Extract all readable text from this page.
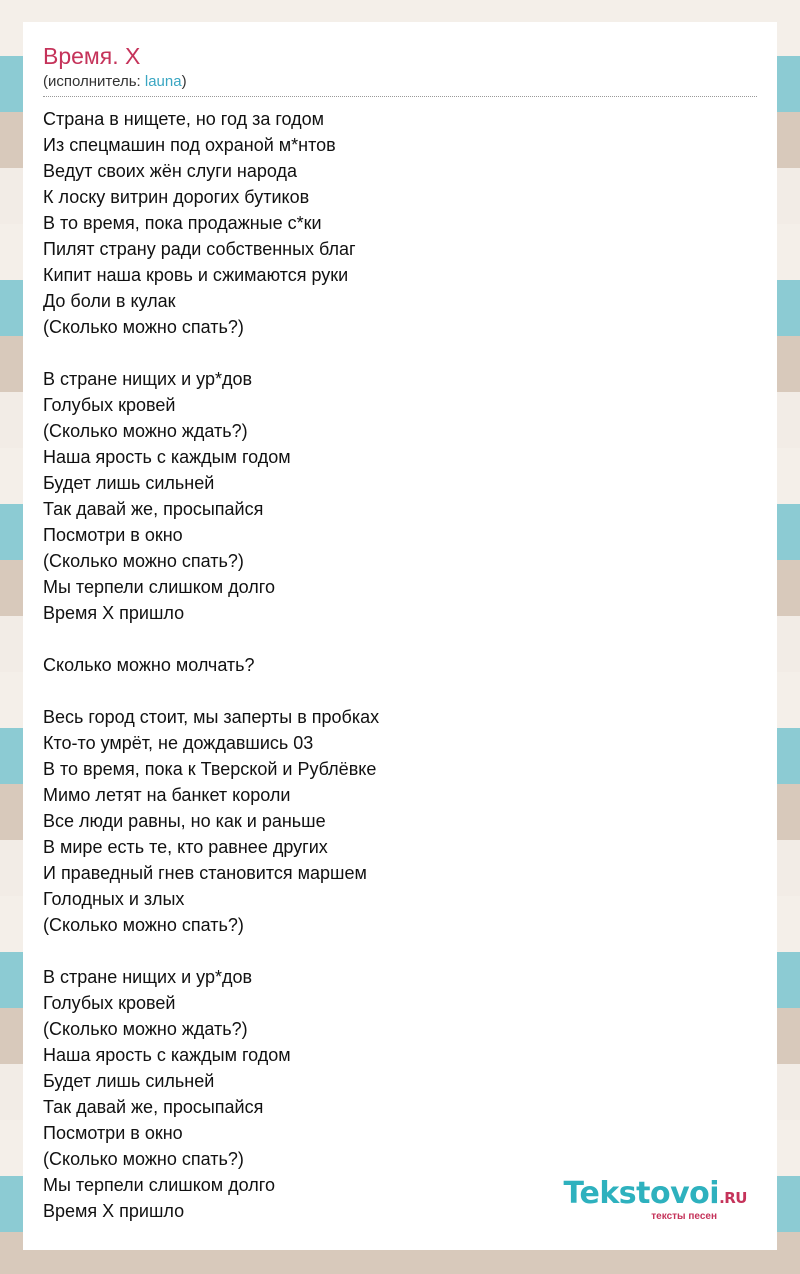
Время. X
(исполнитель: launa)
Страна в нищете, но год за годом
Из спецмашин под охраной м*нтов
Ведут своих жён слуги народа
К лоску витрин дорогих бутиков
В то время, пока продажные с*ки
Пилят страну ради собственных благ
Кипит наша кровь и сжимаются руки
До боли в кулак
(Сколько можно спать?)
В стране нищих и ур*дов
Голубых кровей
(Сколько можно ждать?)
Наша ярость с каждым годом
Будет лишь сильней
Так давай же, просыпайся
Посмотри в окно
(Сколько можно спать?)
Мы терпели слишком долго
Время Х пришло
Сколько можно молчать?
Весь город стоит, мы заперты в пробках
Кто-то умрёт, не дождавшись 03
В то время, пока к Тверской и Рублёвке
Мимо летят на банкет короли
Все люди равны, но как и раньше
В мире есть те, кто равнее других
И праведный гнев становится маршем
Голодных и злых
(Сколько можно спать?)
В стране нищих и ур*дов
Голубых кровей
(Сколько можно ждать?)
Наша ярость с каждым годом
Будет лишь сильней
Так давай же, просыпайся
Посмотри в окно
(Сколько можно спать?)
Мы терпели слишком долго
Время Х пришло	Tekstovoi.RU
тексты песен
